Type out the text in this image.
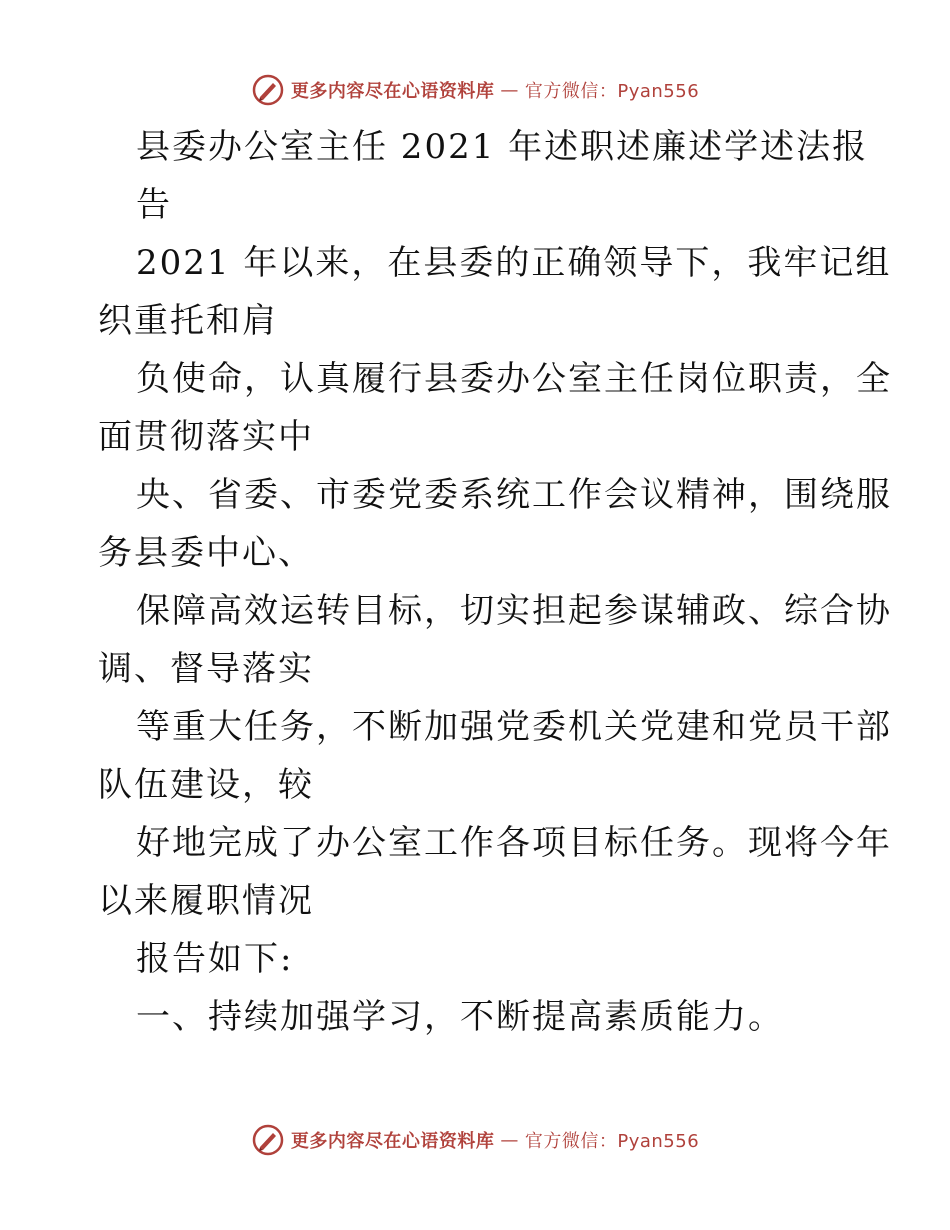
更多内容尽在心语资料库 — 官方微信：Pyan556
县委办公室主任 2021 年述职述廉述学述法报
告
2021 年以来，在县委的正确领导下，我牢记组
织重托和肩
负使命，认真履行县委办公室主任岗位职责，全
面贯彻落实中
央、省委、市委党委系统工作会议精神，围绕服
务县委中心、
保障高效运转目标，切实担起参谋辅政、综合协
调、督导落实
等重大任务，不断加强党委机关党建和党员干部
队伍建设，较
好地完成了办公室工作各项目标任务。现将今年
以来履职情况
报告如下:
一、持续加强学习，不断提高素质能力。
更多内容尽在心语资料库 — 官方微信：Pyan556
